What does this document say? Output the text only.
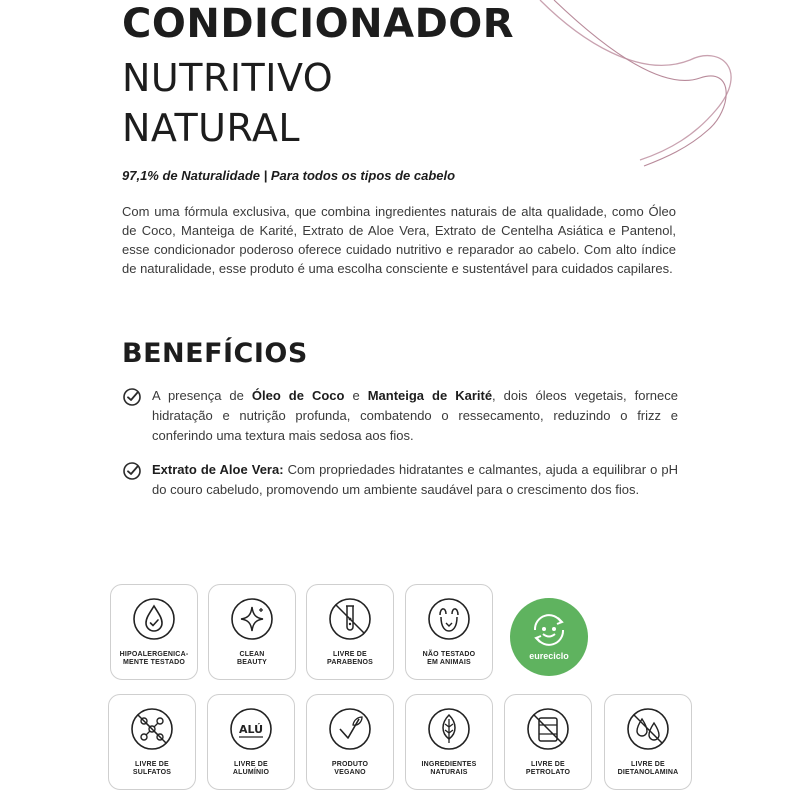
CONDICIONADOR
NUTRITIVO
NATURAL

97,1% de Naturalidade | Para todos os tipos de cabelo

Com uma fórmula exclusiva, que combina ingredientes naturais de alta qualidade, como Óleo de Coco, Manteiga de Karité, Extrato de Aloe Vera, Extrato de Centelha Asiática e Pantenol, esse condicionador poderoso oferece cuidado nutritivo e reparador ao cabelo. Com alto índice de naturalidade, esse produto é uma escolha consciente e sustentável para cuidados capilares.

BENEFÍCIOS

A presença de Óleo de Coco e Manteiga de Karité, dois óleos vegetais, fornece hidratação e nutrição profunda, combatendo o ressecamento, reduzindo o frizz e conferindo uma textura mais sedosa aos fios.

Extrato de Aloe Vera: Com propriedades hidratantes e calmantes, ajuda a equilibrar o pH do couro cabeludo, promovendo um ambiente saudável para o crescimento dos fios.

HIPOALERGENICA-
MENTE TESTADO
CLEAN
BEAUTY
LIVRE DE
PARABENOS
NÃO TESTADO
EM ANIMAIS
eureciclo
LIVRE DE
SULFATOS
ALÚ
LIVRE DE
ALUMÍNIO
PRODUTO
VEGANO
INGREDIENTES
NATURAIS
LIVRE DE
PETROLATO
LIVRE DE
DIETANOLAMINA
